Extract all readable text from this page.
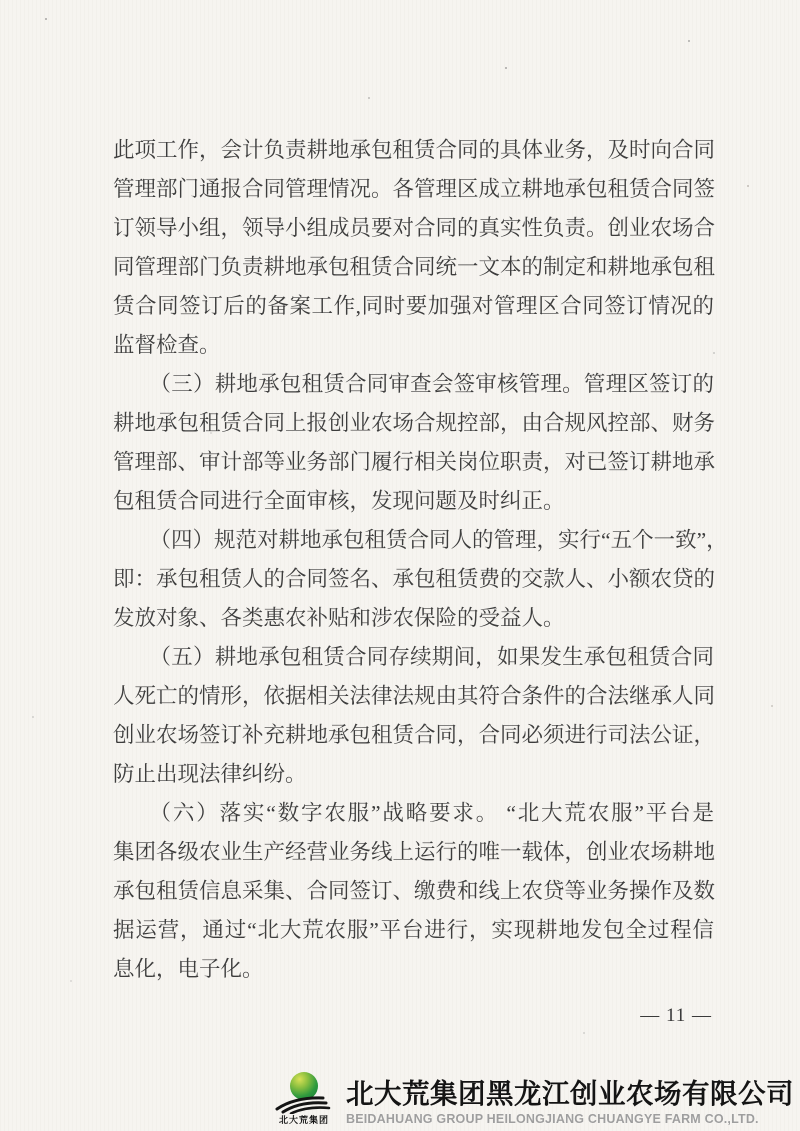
此项工作，会计负责耕地承包租赁合同的具体业务，及时向合同
管理部门通报合同管理情况。各管理区成立耕地承包租赁合同签
订领导小组，领导小组成员要对合同的真实性负责。创业农场合
同管理部门负责耕地承包租赁合同统一文本的制定和耕地承包租
赁合同签订后的备案工作,同时要加强对管理区合同签订情况的
监督检查。
（三）耕地承包租赁合同审查会签审核管理。管理区签订的
耕地承包租赁合同上报创业农场合规控部，由合规风控部、财务
管理部、审计部等业务部门履行相关岗位职责，对已签订耕地承
包租赁合同进行全面审核，发现问题及时纠正。
（四）规范对耕地承包租赁合同人的管理，实行“五个一致”，
即：承包租赁人的合同签名、承包租赁费的交款人、小额农贷的
发放对象、各类惠农补贴和涉农保险的受益人。
（五）耕地承包租赁合同存续期间，如果发生承包租赁合同
人死亡的情形，依据相关法律法规由其符合条件的合法继承人同
创业农场签订补充耕地承包租赁合同，合同必须进行司法公证，
防止出现法律纠纷。
（六）落实“数字农服”战略要求。 “北大荒农服”平台是
集团各级农业生产经营业务线上运行的唯一载体，创业农场耕地
承包租赁信息采集、合同签订、缴费和线上农贷等业务操作及数
据运营，通过“北大荒农服”平台进行，实现耕地发包全过程信
息化，电子化。
— 11 —
北大荒集团
北大荒集团黑龙江创业农场有限公司
BEIDAHUANG GROUP HEILONGJIANG CHUANGYE FARM CO.,LTD.
